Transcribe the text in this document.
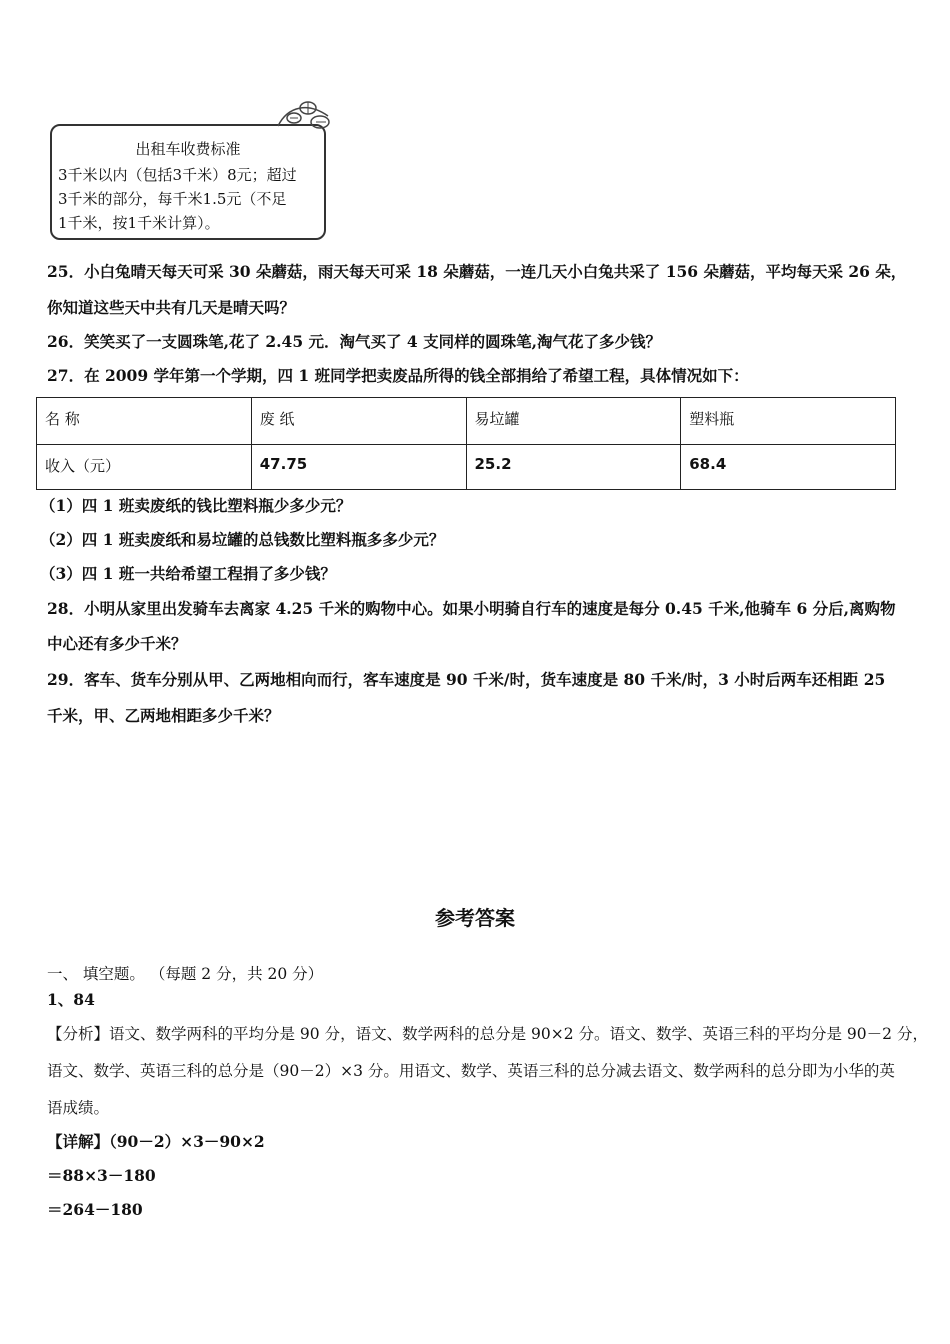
出租车收费标准
3千米以内（包括3千米）8元；超过
3千米的部分，每千米1.5元（不足
1千米，按1千米计算）。
25．小白兔晴天每天可采 30 朵蘑菇，雨天每天可采 18 朵蘑菇，一连几天小白兔共采了 156 朵蘑菇，平均每天采 26 朵，
你知道这些天中共有几天是晴天吗？
26．笑笑买了一支圆珠笔,花了 2.45 元．淘气买了 4 支同样的圆珠笔,淘气花了多少钱？
27．在 2009 学年第一个学期，四 1 班同学把卖废品所得的钱全部捐给了希望工程，具体情况如下：
名 称	废 纸	易垃罐	塑料瓶
收入（元）	47.75	25.2	68.4
（1）四 1 班卖废纸的钱比塑料瓶少多少元？
（2）四 1 班卖废纸和易垃罐的总钱数比塑料瓶多多少元？
（3）四 1 班一共给希望工程捐了多少钱？
28．小明从家里出发骑车去离家 4.25 千米的购物中心。如果小明骑自行车的速度是每分 0.45 千米,他骑车 6 分后,离购物
中心还有多少千米？
29．客车、货车分别从甲、乙两地相向而行，客车速度是 90 千米/时，货车速度是 80 千米/时，3 小时后两车还相距 25
千米，甲、乙两地相距多少千米？
参考答案
一、 填空题。 （每题 2 分，共 20 分）
1、84
【分析】语文、数学两科的平均分是 90 分，语文、数学两科的总分是 90×2 分。语文、数学、英语三科的平均分是 90－2 分，
语文、数学、英语三科的总分是（90－2）×3 分。用语文、数学、英语三科的总分减去语文、数学两科的总分即为小华的英
语成绩。
【详解】（90－2）×3－90×2
＝88×3－180
＝264－180
